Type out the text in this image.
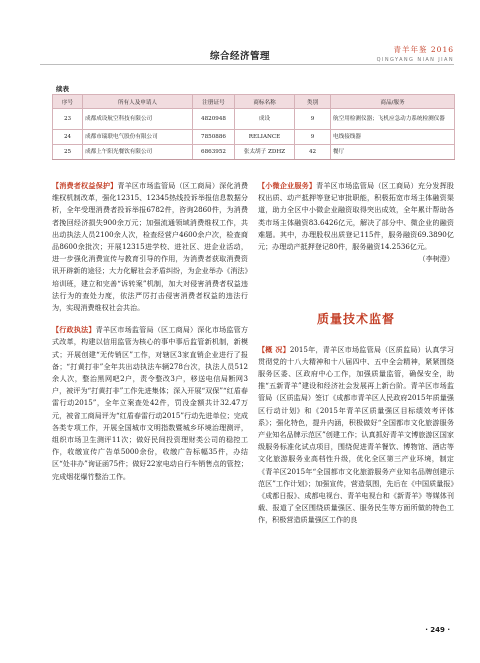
综合经济管理
青羊年鉴 2016
QINGYANG NIAN JIAN
续表
序号	所有人及申请人	注册证号	商标名称	类别	商品/服务
23	成都成设航空科技有限公司	4820948	成设	9	航空用检测仪器；飞机应急动力系统检测仪器
24	成都市瑞联电气股份有限公司	7850886	RELIANCE	9	电线接线器
25	成都上午阳光餐饮有限公司	6863952	张太胡子 ZDHZ	42	餐厅

【消费者权益保护】青羊区市场监管局（区工商局）深化消费维权机制改革，强化12315、12345热线投诉举报信息数据分析，全年受理消费者投诉举报6782件，咨询2860件，为消费者挽回经济损失900余万元；加强流通领域消费维权工作，共出动执法人员2100余人次，检查经营户4600余户次，检查商品8600余批次；开展12315进学校、进社区、进企业活动，进一步强化消费宣传与教育引导的作用，为消费者获取消费资讯开辟新的途径；大力化解社会矛盾纠纷，为企业举办《消法》培训班，建立和完善“诉转案”机制，加大对侵害消费者权益违法行为的查处力度，依法严厉打击侵害消费者权益的违法行为，实现消费维权社会共治。

【行政执法】青羊区市场监管局（区工商局）深化市场监管方式改革，构建以信用监管为核心的事中事后监管新机制，新模式；开展创建“无传销区”工作，对辖区3家直销企业进行了报备；“打黄打非”全年共出动执法车辆278台次，执法人员512余人次，整治黑网吧2户，责令整改3户，移送电信局断网3户，被评为“打黄打非”工作先进集体；深入开展“双保”“红盾春雷行动2015”，全年立案查处42件，罚没金额共计32.47万元，被省工商局评为“红盾春雷行动2015”行动先进单位；完成各类专项工作，开展全国城市文明指数暨城乡环境治理测评，组织市场卫生测评11次；做好民间投资理财类公司的稳控工作，收缴宣传广告单5000余份，收缴广告标幅35件，办结区“处非办”询证函75件；做好22家电动自行车销售点的管控；完成烟花爆竹整治工作。

【小微企业服务】青羊区市场监管局（区工商局）充分发挥股权出质、动产抵押等登记审批职能，积极拓宽市场主体融资渠道，助力全区中小微企业融资取得突出成效，全年累计帮助各类市场主体融资83.6426亿元，解决了部分中、微企业的融资难题。其中，办理股权出质登记115件，服务融资69.3890亿元；办理动产抵押登记80件，服务融资14.2536亿元。

（李树澄）
质量技术监督

【概 况】2015年，青羊区市场监管局（区质监局）认真学习贯彻党的十八大精神和十八届四中、五中全会精神，紧紧围绕服务区委、区政府中心工作，加强质量监管，确保安全，助推“五新青羊”建设和经济社会发展再上新台阶。青羊区市场监管局（区质监局）签订《成都市青羊区人民政府2015年质量强区行动计划》和《2015年青羊区质量强区目标绩效考评体系》；强化特色，提升内涵，积极做好“全国都市文化旅游服务产业知名品牌示范区”创建工作；认真抓好青羊文博旅游区国家级服务标准化试点项目，围绕促进青羊餐饮、博物馆、酒店等文化旅游服务业高档性升级，优化全区第三产业环境，制定《青羊区2015年“全国都市文化旅游服务产业知名品牌创建示范区”工作计划》；加强宣传，营造氛围，先后在《中国质量报》《成都日报》、成都电视台、青羊电视台和《新青羊》等媒体刊载、报道了全区围绕质量强区、服务民生等方面所做的特色工作，积极营造质量强区工作的良

· 249 ·
